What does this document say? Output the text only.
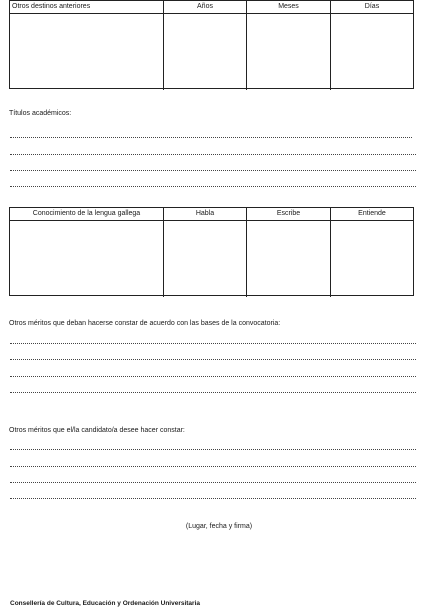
Otros destinos anteriores	Años	Meses	Días
Títulos académicos:
Conocimiento de la lengua gallega	Habla	Escribe	Entiende
Otros méritos que deban hacerse constar de acuerdo con las bases de la convocatoria:
Otros méritos que el/la candidato/a desee hacer constar:
(Lugar, fecha y firma)
Consellería de Cultura, Educación y Ordenación Universitaria
